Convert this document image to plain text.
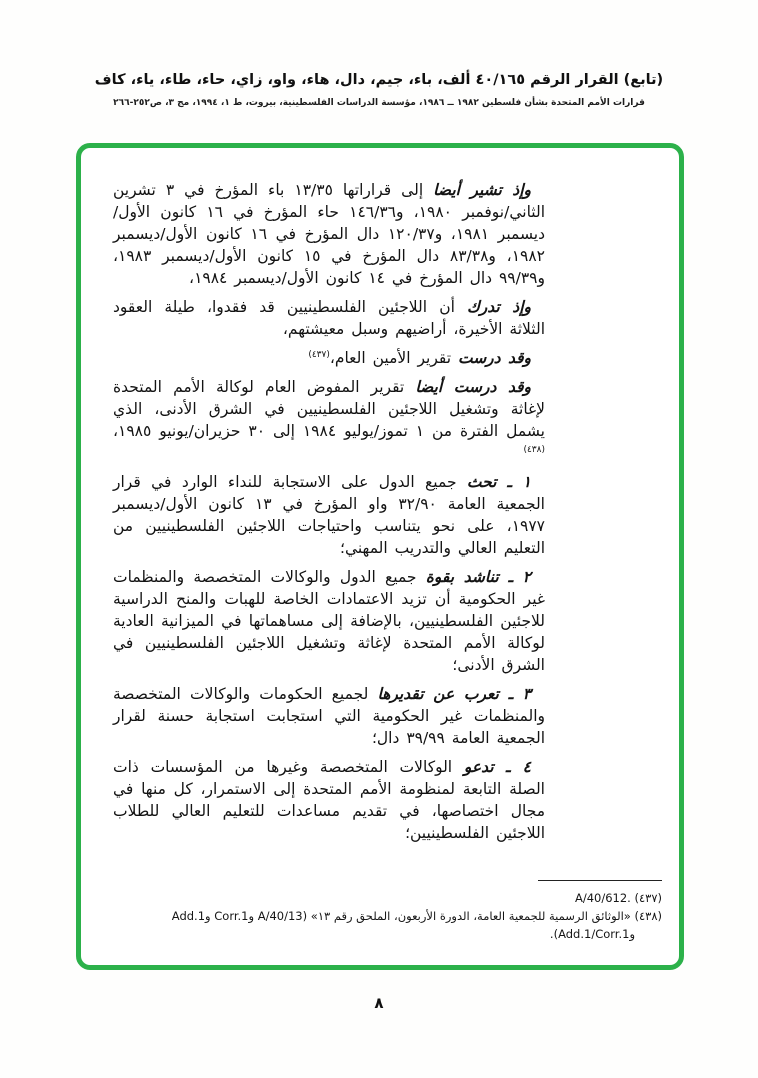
(تابع) القرار الرقم ٤٠/١٦٥ ألف، باء، جيم، دال، هاء، واو، زاي، حاء، طاء، ياء، كاف
قرارات الأمم المتحدة بشأن فلسطين ١٩٨٢ ــ ١٩٨٦، مؤسسة الدراسات الفلسطينية، بيروت، ط ١، ١٩٩٤، مج ٣، ص٢٥٢-٢٦٦

وإذ تشير أيضا إلى قراراتها ١٣/٣٥ باء المؤرخ في ٣ تشرين الثاني/نوفمبر ١٩٨٠، و١٤٦/٣٦ حاء المؤرخ في ١٦ كانون الأول/ديسمبر ١٩٨١، و١٢٠/٣٧ دال المؤرخ في ١٦ كانون الأول/ديسمبر ١٩٨٢، و٨٣/٣٨ دال المؤرخ في ١٥ كانون الأول/ديسمبر ١٩٨٣، و٩٩/٣٩ دال المؤرخ في ١٤ كانون الأول/ديسمبر ١٩٨٤،

وإذ تدرك أن اللاجئين الفلسطينيين قد فقدوا، طيلة العقود الثلاثة الأخيرة، أراضيهم وسبل معيشتهم،

وقد درست تقرير الأمين العام،$^{(٤٣٧)}$

وقد درست أيضا تقرير المفوض العام لوكالة الأمم المتحدة لإغاثة وتشغيل اللاجئين الفلسطينيين في الشرق الأدنى، الذي يشمل الفترة من ١ تموز/يوليو ١٩٨٤ إلى ٣٠ حزيران/يونيو ١٩٨٥،$^{(٤٣٨)}$

١ ـ تحث جميع الدول على الاستجابة للنداء الوارد في قرار الجمعية العامة ٣٢/٩٠ واو المؤرخ في ١٣ كانون الأول/ديسمبر ١٩٧٧، على نحو يتناسب واحتياجات اللاجئين الفلسطينيين من التعليم العالي والتدريب المهني؛

٢ ـ تناشد بقوة جميع الدول والوكالات المتخصصة والمنظمات غير الحكومية أن تزيد الاعتمادات الخاصة للهبات والمنح الدراسية للاجئين الفلسطينيين، بالإضافة إلى مساهماتها في الميزانية العادية لوكالة الأمم المتحدة لإغاثة وتشغيل اللاجئين الفلسطينيين في الشرق الأدنى؛

٣ ـ تعرب عن تقديرها لجميع الحكومات والوكالات المتخصصة والمنظمات غير الحكومية التي استجابت استجابة حسنة لقرار الجمعية العامة ٣٩/٩٩ دال؛

٤ ـ تدعو الوكالات المتخصصة وغيرها من المؤسسات ذات الصلة التابعة لمنظومة الأمم المتحدة إلى الاستمرار، كل منها في مجال اختصاصها، في تقديم مساعدات للتعليم العالي للطلاب اللاجئين الفلسطينيين؛

(٤٣٧) A/40/612.‎
(٤٣٨) «الوثائق الرسمية للجمعية العامة، الدورة الأربعون، الملحق رقم ١٣» (A/40/13 وCorr.1 وAdd.1 وAdd.1/Corr.1).
٨
